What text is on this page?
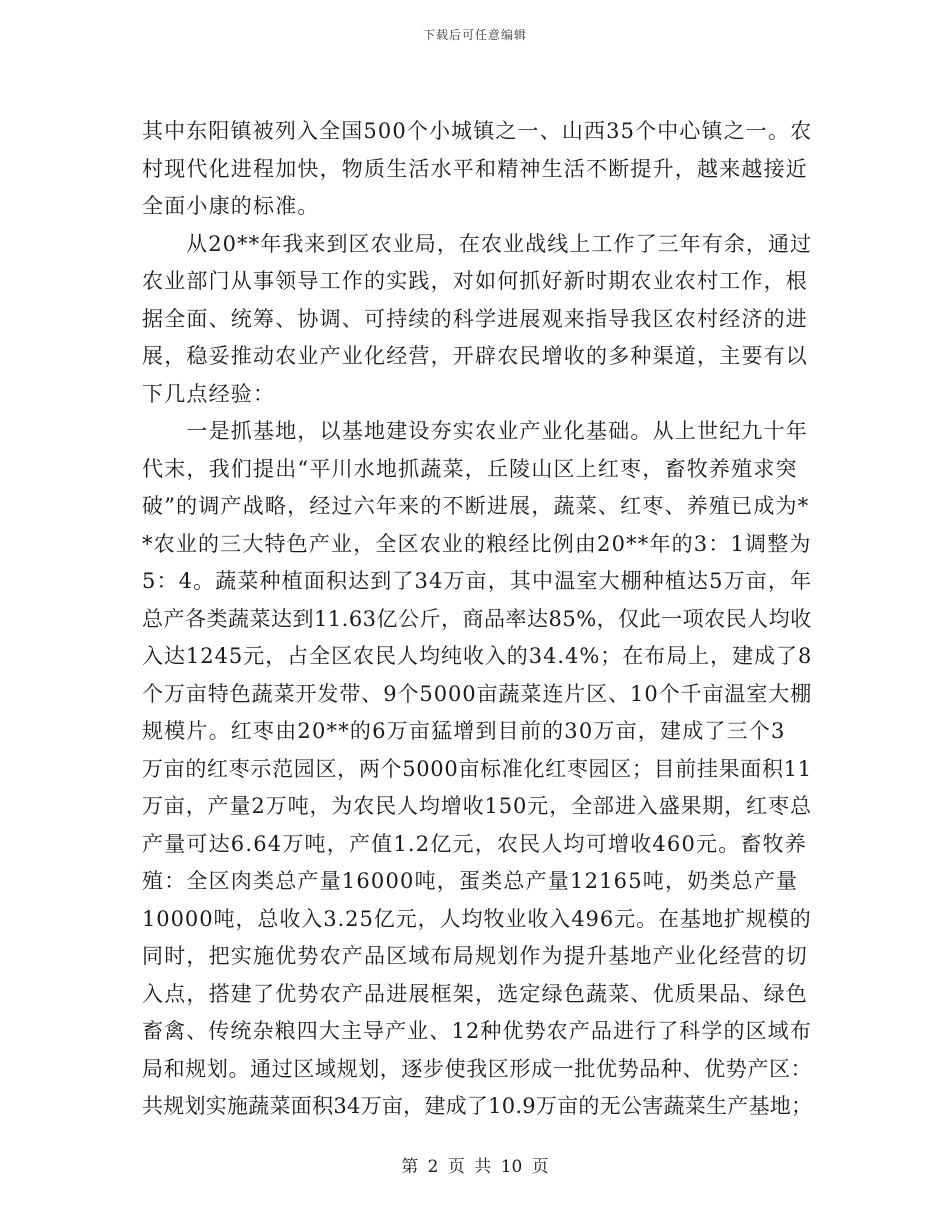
下载后可任意编辑
其中东阳镇被列入全国500个小城镇之一、山西35个中心镇之一。农
村现代化进程加快，物质生活水平和精神生活不断提升，越来越接近
全面小康的标准。
　　从20**年我来到区农业局，在农业战线上工作了三年有余，通过
农业部门从事领导工作的实践，对如何抓好新时期农业农村工作，根
据全面、统筹、协调、可持续的科学进展观来指导我区农村经济的进
展，稳妥推动农业产业化经营，开辟农民增收的多种渠道，主要有以
下几点经验：
　　一是抓基地，以基地建设夯实农业产业化基础。从上世纪九十年
代末，我们提出“平川水地抓蔬菜，丘陵山区上红枣，畜牧养殖求突
破”的调产战略，经过六年来的不断进展，蔬菜、红枣、养殖已成为*
*农业的三大特色产业，全区农业的粮经比例由20**年的3：1调整为
5：4。蔬菜种植面积达到了34万亩，其中温室大棚种植达5万亩，年
总产各类蔬菜达到11.63亿公斤，商品率达85%，仅此一项农民人均收
入达1245元，占全区农民人均纯收入的34.4%；在布局上，建成了8
个万亩特色蔬菜开发带、9个5000亩蔬菜连片区、10个千亩温室大棚
规模片。红枣由20**的6万亩猛增到目前的30万亩，建成了三个3
万亩的红枣示范园区，两个5000亩标准化红枣园区；目前挂果面积11
万亩，产量2万吨，为农民人均增收150元，全部进入盛果期，红枣总
产量可达6.64万吨，产值1.2亿元，农民人均可增收460元。畜牧养
殖：全区肉类总产量16000吨，蛋类总产量12165吨，奶类总产量
10000吨，总收入3.25亿元，人均牧业收入496元。在基地扩规模的
同时，把实施优势农产品区域布局规划作为提升基地产业化经营的切
入点，搭建了优势农产品进展框架，选定绿色蔬菜、优质果品、绿色
畜禽、传统杂粮四大主导产业、12种优势农产品进行了科学的区域布
局和规划。通过区域规划，逐步使我区形成一批优势品种、优势产区：
共规划实施蔬菜面积34万亩，建成了10.9万亩的无公害蔬菜生产基地；
第 2 页 共 10 页
